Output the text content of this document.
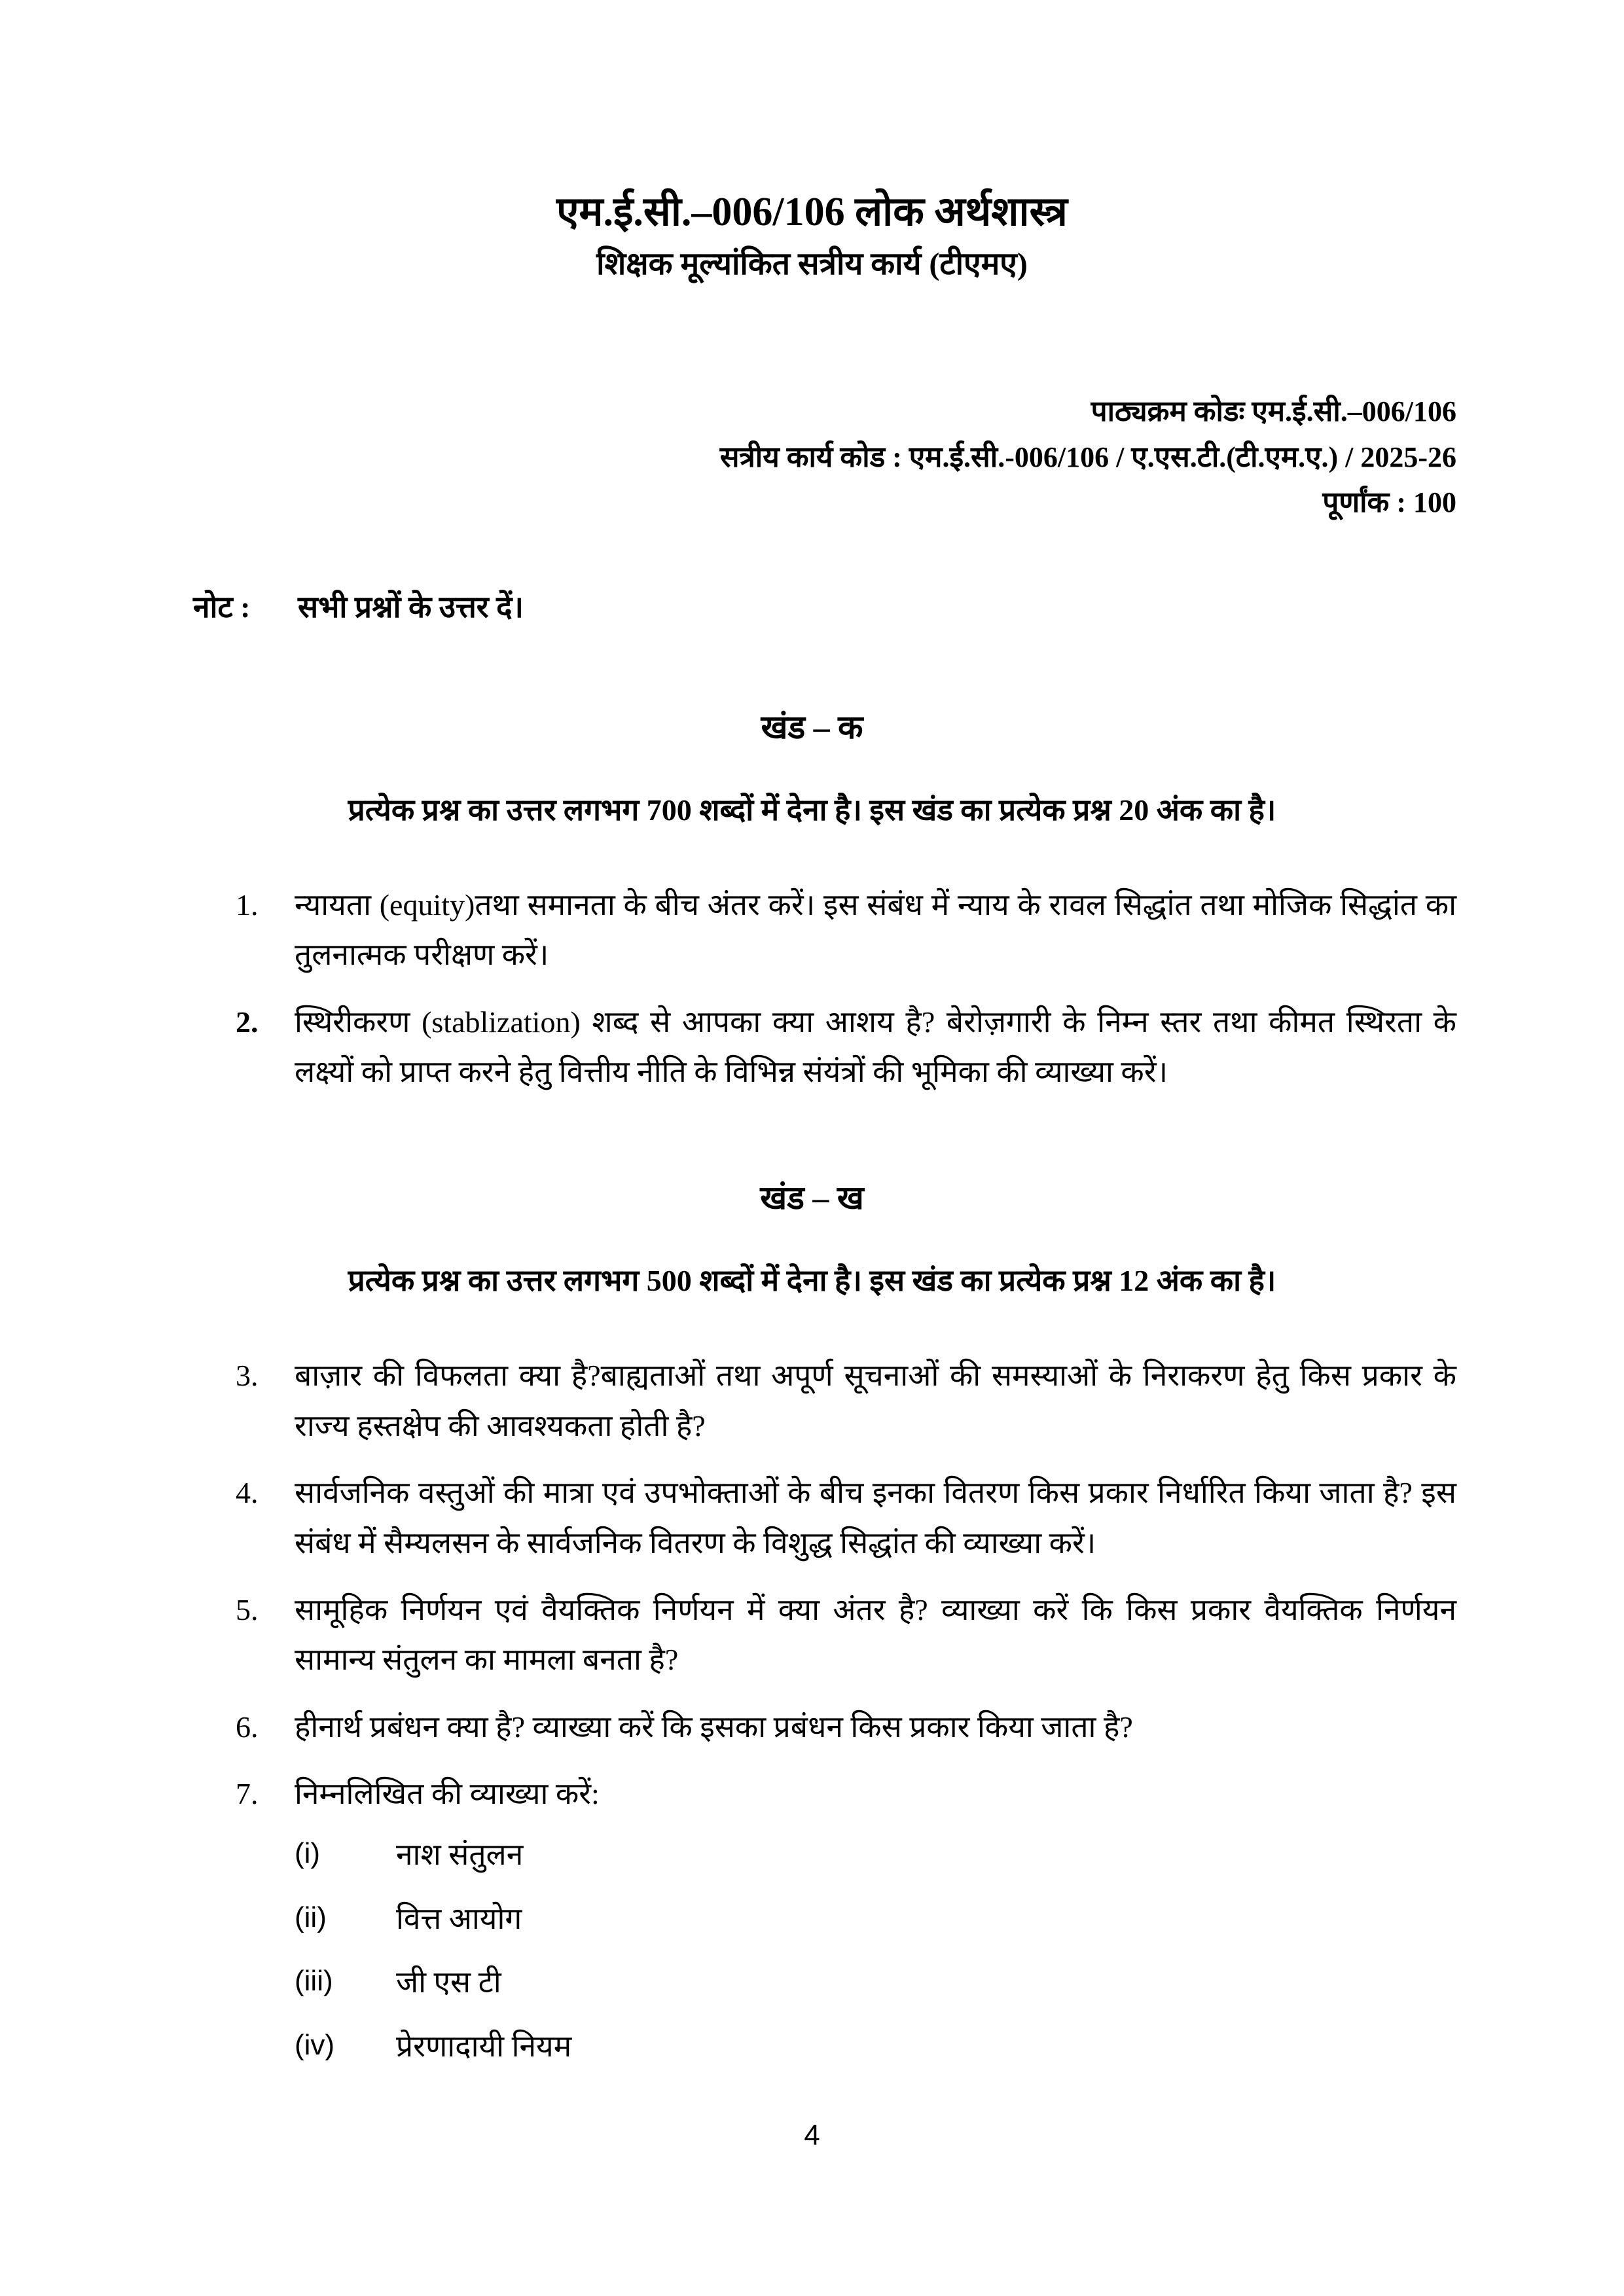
एम.ई.सी.–006/106 लोक अर्थशास्त्र
शिक्षक मूल्यांकित सत्रीय कार्य (टीएमए)
पाठ्यक्रम कोडः एम.ई.सी.–006/106
सत्रीय कार्य कोड : एम.ई.सी.-006/106 / ए.एस.टी.(टी.एम.ए.) / 2025-26
पूर्णांक : 100
नोट :	सभी प्रश्नों के उत्तर दें।
खंड – क
प्रत्येक प्रश्न का उत्तर लगभग 700 शब्दों में देना है। इस खंड का प्रत्येक प्रश्न 20 अंक का है।
1.	न्यायता (equity)तथा समानता के बीच अंतर करें। इस संबंध में न्याय के रावल सिद्धांत तथा मोजिक सिद्धांत का तुलनात्मक परीक्षण करें।
2.	स्थिरीकरण (stablization) शब्द से आपका क्या आशय है? बेरोज़गारी के निम्न स्तर तथा कीमत स्थिरता के लक्ष्यों को प्राप्त करने हेतु वित्तीय नीति के विभिन्न संयंत्रों की भूमिका की व्याख्या करें।
खंड – ख
प्रत्येक प्रश्न का उत्तर लगभग 500 शब्दों में देना है। इस खंड का प्रत्येक प्रश्न 12 अंक का है।
3.	बाज़ार की विफलता क्या है?बाह्यताओं तथा अपूर्ण सूचनाओं की समस्याओं के निराकरण हेतु किस प्रकार के राज्य हस्तक्षेप की आवश्यकता होती है?
4.	सार्वजनिक वस्तुओं की मात्रा एवं उपभोक्ताओं के बीच इनका वितरण किस प्रकार निर्धारित किया जाता है? इस संबंध में सैम्यलसन के सार्वजनिक वितरण के विशुद्ध सिद्धांत की व्याख्या करें।
5.	सामूहिक निर्णयन एवं वैयक्तिक निर्णयन में क्या अंतर है? व्याख्या करें कि किस प्रकार वैयक्तिक निर्णयन सामान्य संतुलन का मामला बनता है?
6.	हीनार्थ प्रबंधन क्या है? व्याख्या करें कि इसका प्रबंधन किस प्रकार किया जाता है?
7.	निम्नलिखित की व्याख्या करें:
(i)	नाश संतुलन
(ii)	वित्त आयोग
(iii)	जी एस टी
(iv)	प्रेरणादायी नियम
4
